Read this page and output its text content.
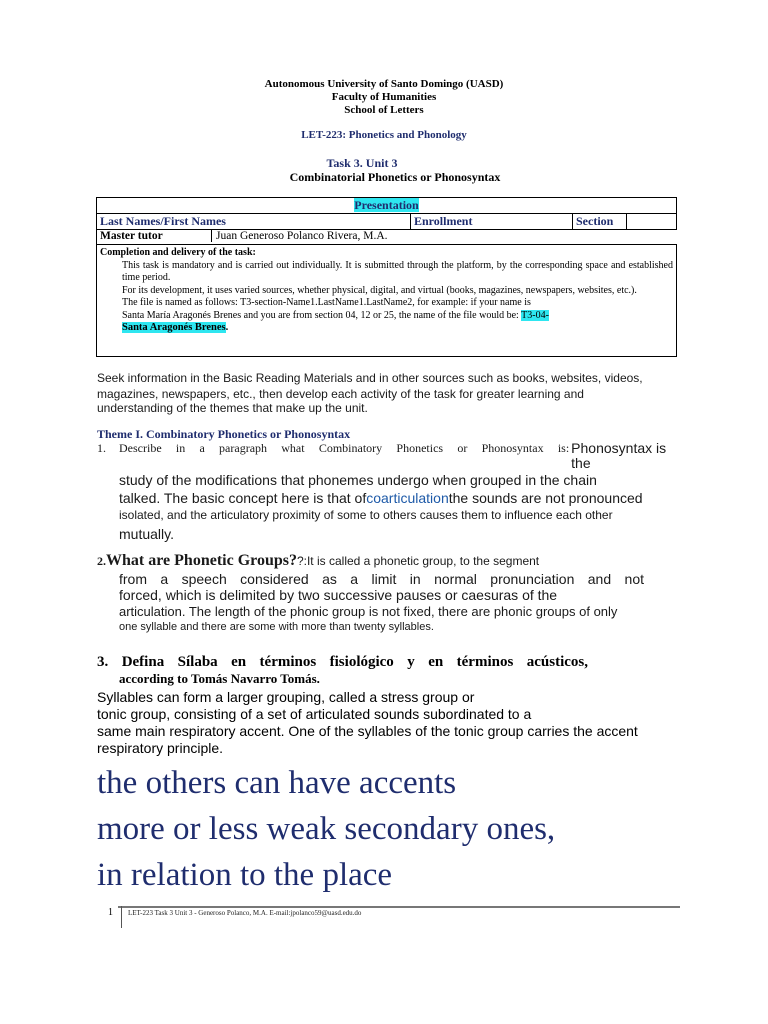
Autonomous University of Santo Domingo (UASD)
Faculty of Humanities
School of Letters
LET-223: Phonetics and Phonology
Task 3. Unit 3
Combinatorial Phonetics or Phonosyntax
Presentation
Last Names/First Names	Enrollment	Section	

Master tutor	Juan Generoso Polanco Rivera, M.A.

Completion and delivery of the task:
This task is mandatory and is carried out individually. It is submitted through the platform, by the corresponding space and established time period.
For its development, it uses varied sources, whether physical, digital, and virtual (books, magazines, newspapers, websites, etc.).
The file is named as follows: T3-section-Name1.LastName1.LastName2, for example: if your name is
Santa María Aragonés Brenes and you are from section 04, 12 or 25, the name of the file would be: T3-04-
Santa Aragonés Brenes.
Seek information in the Basic Reading Materials and in other sources such as books, websites, videos, magazines, newspapers, etc., then develop each activity of the task for greater learning and understanding of the themes that make up the unit.
Theme I. Combinatory Phonetics or Phonosyntax
1.	Describe in a paragraph what Combinatory Phonetics or Phonosyntax is: Phonosyntax is the
study of the modifications that phonemes undergo when grouped in the chain
talked. The basic concept here is that ofcoarticulationthe sounds are not pronounced
isolated, and the articulatory proximity of some to others causes them to influence each other
mutually.
2.What are Phonetic Groups??:It is called a phonetic group, to the segment
from a speech considered as a limit in normal pronunciation and not
forced, which is delimited by two successive pauses or caesuras of the
articulation. The length of the phonic group is not fixed, there are phonic groups of only
one syllable and there are some with more than twenty syllables.
3. Defina Sílaba en términos fisiológico y en términos acústicos,
according to Tomás Navarro Tomás.
Syllables can form a larger grouping, called a stress group or
tonic group, consisting of a set of articulated sounds subordinated to a
same main respiratory accent. One of the syllables of the tonic group carries the accent
respiratory principle.
the others can have accents
more or less weak secondary ones,
in relation to the place
1 LET-223 Task 3 Unit 3 - Generoso Polanco, M.A. E-mail:jpolanco59@uasd.edu.do
